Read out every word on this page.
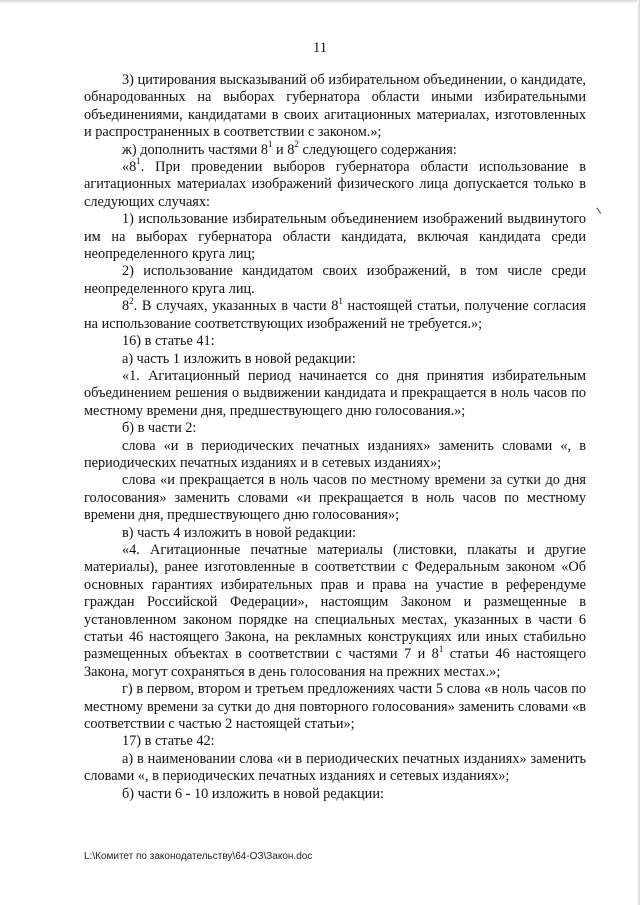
11

3) цитирования высказываний об избирательном объединении, о кандидате, обнародованных на выборах губернатора области иными избирательными объединениями, кандидатами в своих агитационных материалах, изготовленных и распространенных в соответствии с законом.»;

ж) дополнить частями $8^1$ и $8^2$ следующего содержания:

«$8^1$. При проведении выборов губернатора области использование в агитационных материалах изображений физического лица допускается только в следующих случаях:

1) использование избирательным объединением изображений выдвинутого им на выборах губернатора области кандидата, включая кандидата среди неопределенного круга лиц;

2) использование кандидатом своих изображений, в том числе среди неопределенного круга лиц.

$8^2$. В случаях, указанных в части $8^1$ настоящей статьи, получение согласия на использование соответствующих изображений не требуется.»;

16) в статье 41:

а) часть 1 изложить в новой редакции:

«1. Агитационный период начинается со дня принятия избирательным объединением решения о выдвижении кандидата и прекращается в ноль часов по местному времени дня, предшествующего дню голосования.»;

б) в части 2:

слова «и в периодических печатных изданиях» заменить словами «, в периодических печатных изданиях и в сетевых изданиях»;

слова «и прекращается в ноль часов по местному времени за сутки до дня голосования» заменить словами «и прекращается в ноль часов по местному времени дня, предшествующего дню голосования»;

в) часть 4 изложить в новой редакции:

«4. Агитационные печатные материалы (листовки, плакаты и другие материалы), ранее изготовленные в соответствии с Федеральным законом «Об основных гарантиях избирательных прав и права на участие в референдуме граждан Российской Федерации», настоящим Законом и размещенные в установленном законом порядке на специальных местах, указанных в части 6 статьи 46 настоящего Закона, на рекламных конструкциях или иных стабильно размещенных объектах в соответствии с частями 7 и $8^1$ статьи 46 настоящего Закона, могут сохраняться в день голосования на прежних местах.»;

г) в первом, втором и третьем предложениях части 5 слова «в ноль часов по местному времени за сутки до дня повторного голосования» заменить словами «в соответствии с частью 2 настоящей статьи»;

17) в статье 42:

а) в наименовании слова «и в периодических печатных изданиях» заменить словами «, в периодических печатных изданиях и сетевых изданиях»;

б) части 6 - 10 изложить в новой редакции:

L:\Комитет по законодательству\64-ОЗ\Закон.doc
